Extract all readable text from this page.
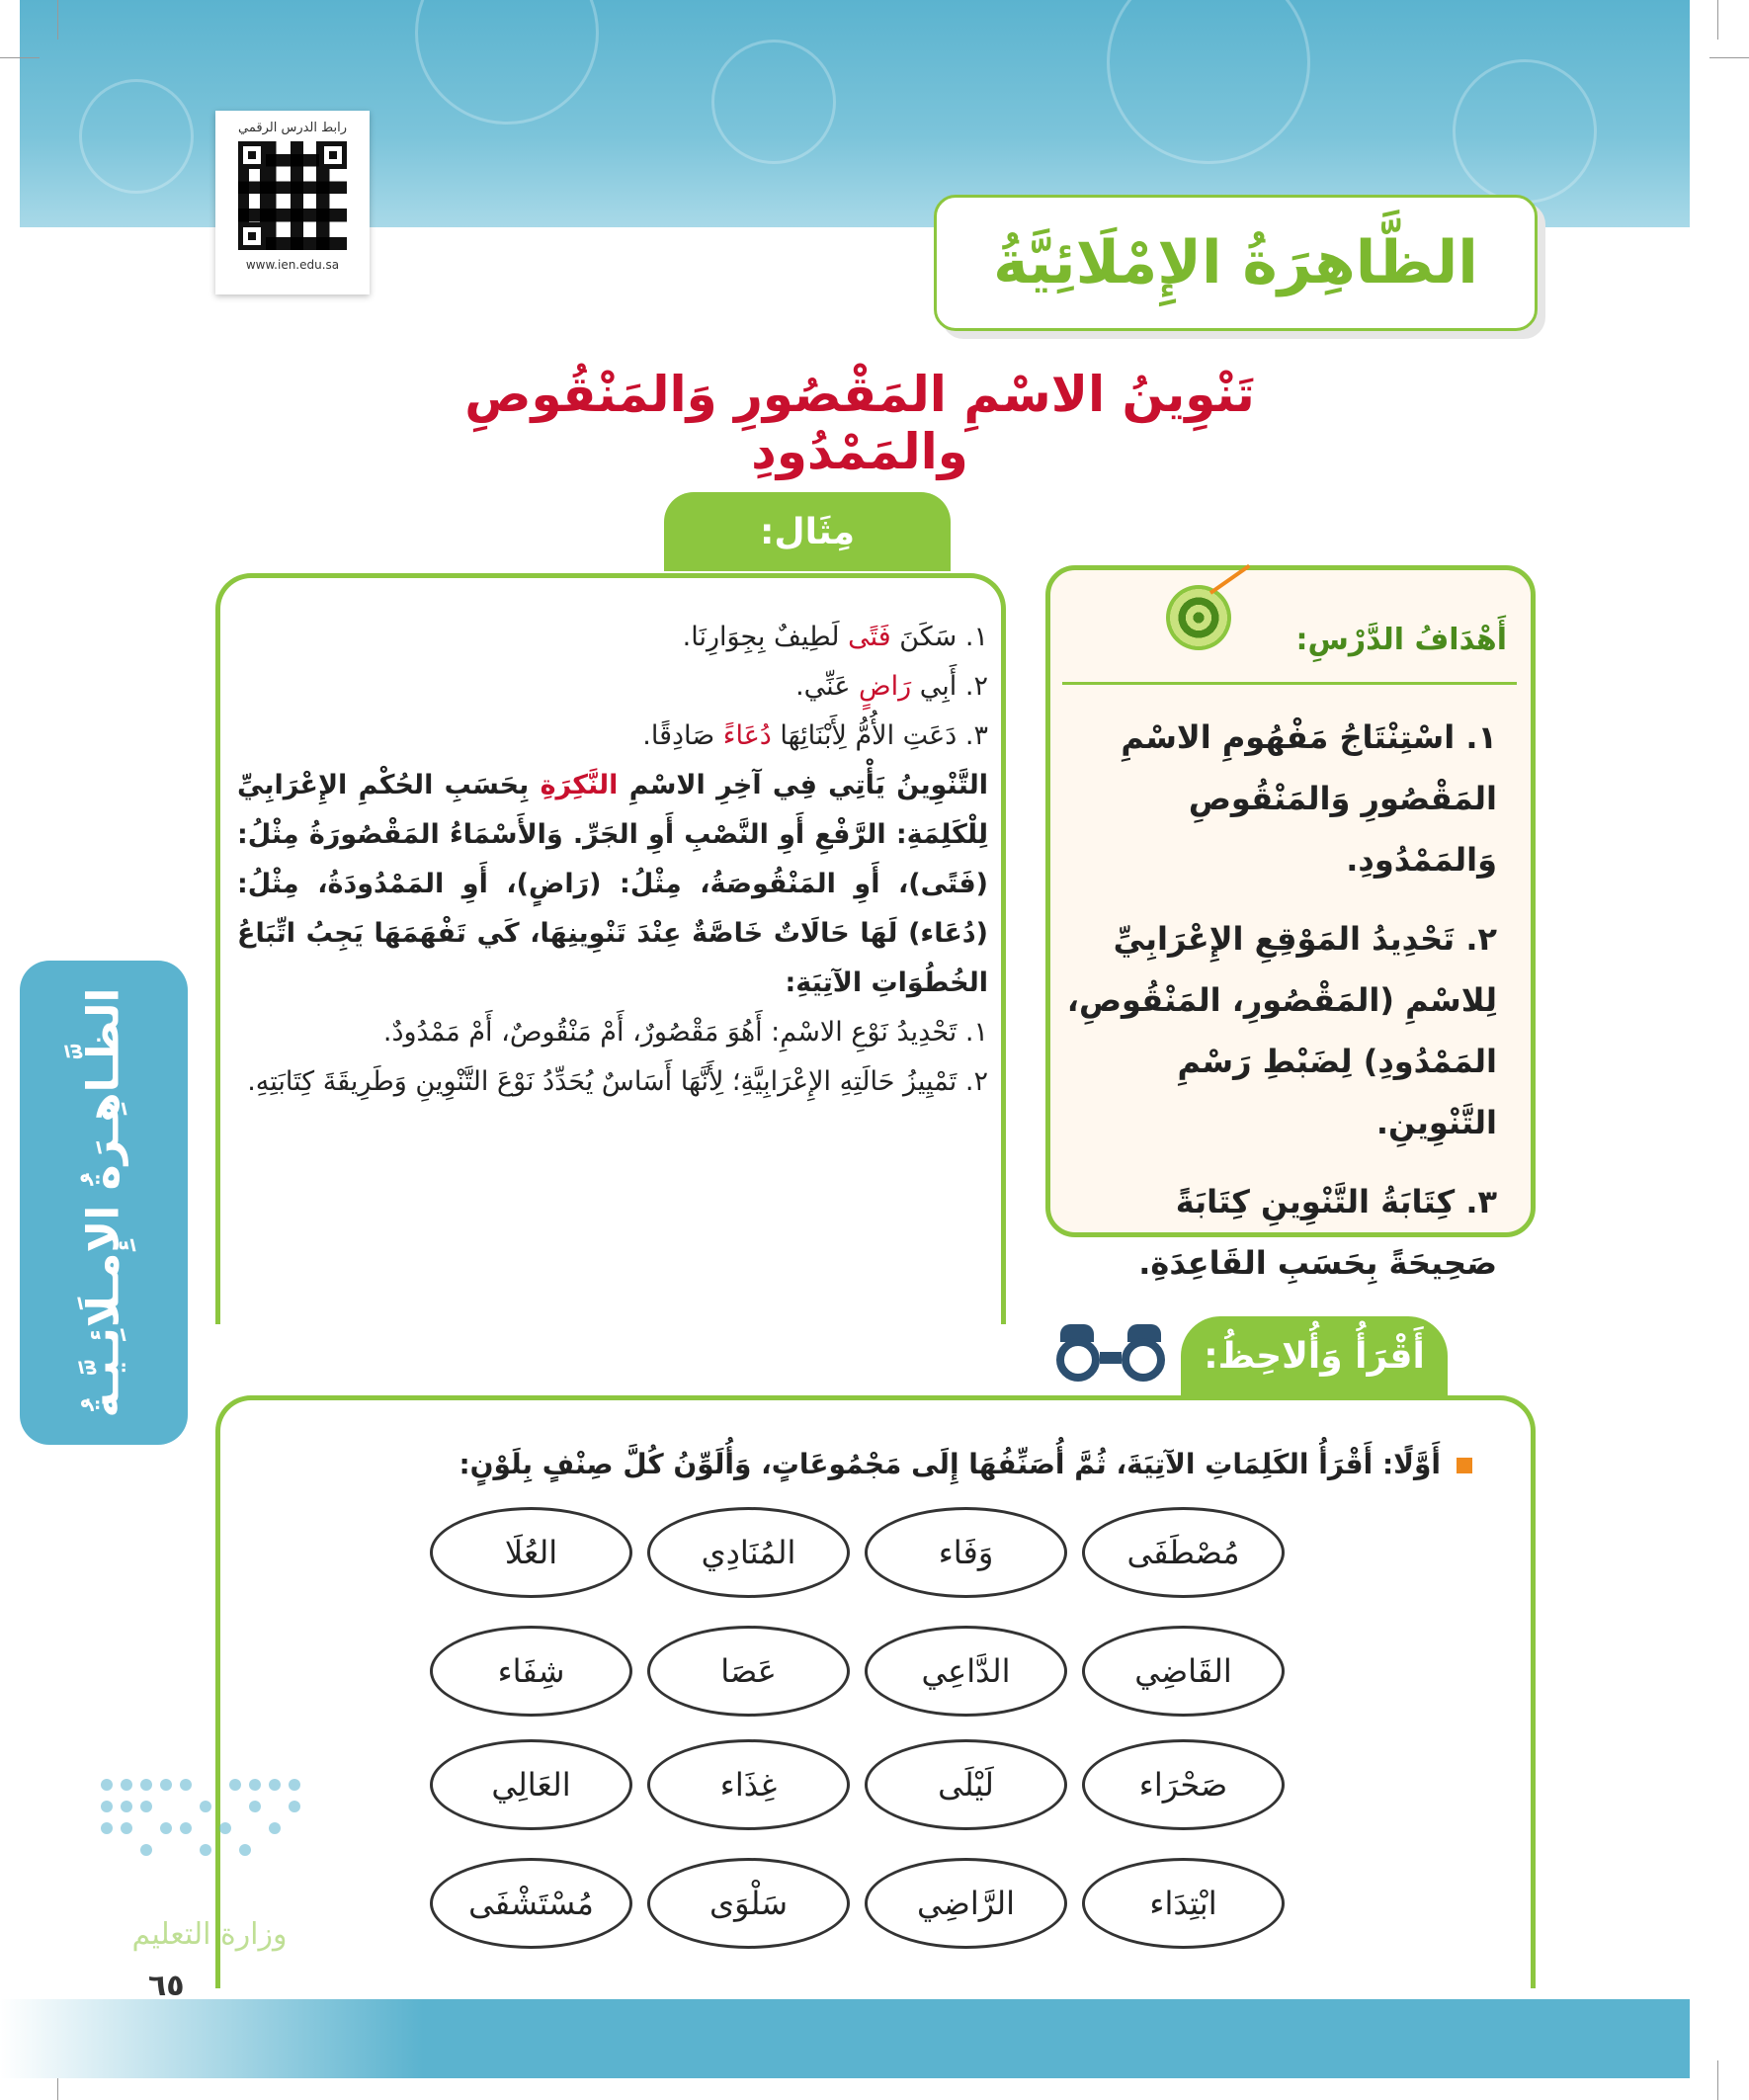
رابط الدرس الرقمي
www.ien.edu.sa	الظَّاهِرَةُ الإِمْلَائِيَّةُ
تَنْوِينُ الاسْمِ المَقْصُورِ وَالمَنْقُوصِ والمَمْدُودِ
مِثَال:

١. سَكَنَ فَتًى لَطِيفٌ بِجِوَارِنَا.

٢. أَبِي رَاضٍ عَنِّي.

٣. دَعَتِ الأُمُّ لِأَبْنَائِهَا دُعَاءً صَادِقًا.

التَّنْوِينُ يَأْتِي فِي آخِرِ الاسْمِ النَّكِرَةِ بِحَسَبِ الحُكْمِ الإِعْرَابِيِّ لِلْكَلِمَةِ: الرَّفْعِ أَوِ النَّصْبِ أَوِ الجَرِّ. وَالأَسْمَاءُ المَقْصُورَةُ مِثْلُ: (فَتًى)، أَوِ المَنْقُوصَةُ، مِثْلُ: (رَاضٍ)، أَوِ المَمْدُودَةُ، مِثْلُ: (دُعَاء) لَهَا حَالَاتٌ خَاصَّةٌ عِنْدَ تَنْوِينِهَا، كَي تَفْهَمَهَا يَجِبُ اتِّبَاعُ الخُطُوَاتِ الآتِيَةِ:

١. تَحْدِيدُ نَوْعِ الاسْمِ: أَهُوَ مَقْصُورٌ، أَمْ مَنْقُوصٌ، أَمْ مَمْدُودٌ.

٢. تَمْيِيزُ حَالَتِهِ الإِعْرَابِيَّةِ؛ لِأَنَّهَا أَسَاسٌ يُحَدِّدُ نَوْعَ التَّنْوِينِ وَطَرِيقَةَ كِتَابَتِهِ.

أَهْدَافُ الدَّرْسِ:

١. اسْتِنْتَاجُ مَفْهُومِ الاسْمِ المَقْصُورِ وَالمَنْقُوصِ وَالمَمْدُودِ.

٢. تَحْدِيدُ المَوْقِعِ الإِعْرَابِيِّ لِلاسْمِ (المَقْصُورِ، المَنْقُوصِ، المَمْدُودِ) لِضَبْطِ رَسْمِ التَّنْوِينِ.

٣. كِتَابَةُ التَّنْوِينِ كِتَابَةً صَحِيحَةً بِحَسَبِ القَاعِدَةِ.

الظَّـاهِـرَةُ الإِمـلَائِـيَّـةُ	أَقْرَأُ وَأُلاحِظُ:
أَوَّلًا: أَقْرَأُ الكَلِمَاتِ الآتِيَةَ، ثُمَّ أُصَنِّفُهَا إِلَى مَجْمُوعَاتٍ، وَأُلَوِّنُ كُلَّ صِنْفٍ بِلَوْنٍ:
مُصْطَفَى
وَفَاء
المُنَادِي
العُلَا
القَاضِي
الدَّاعِي
عَصَا
شِفَاء
صَحْرَاء
لَيْلَى
غِذَاء
العَالِي
ابْتِدَاء
الرَّاضِي
سَلْوَى
مُسْتَشْفَى
وزارة التعليم
٦٥
